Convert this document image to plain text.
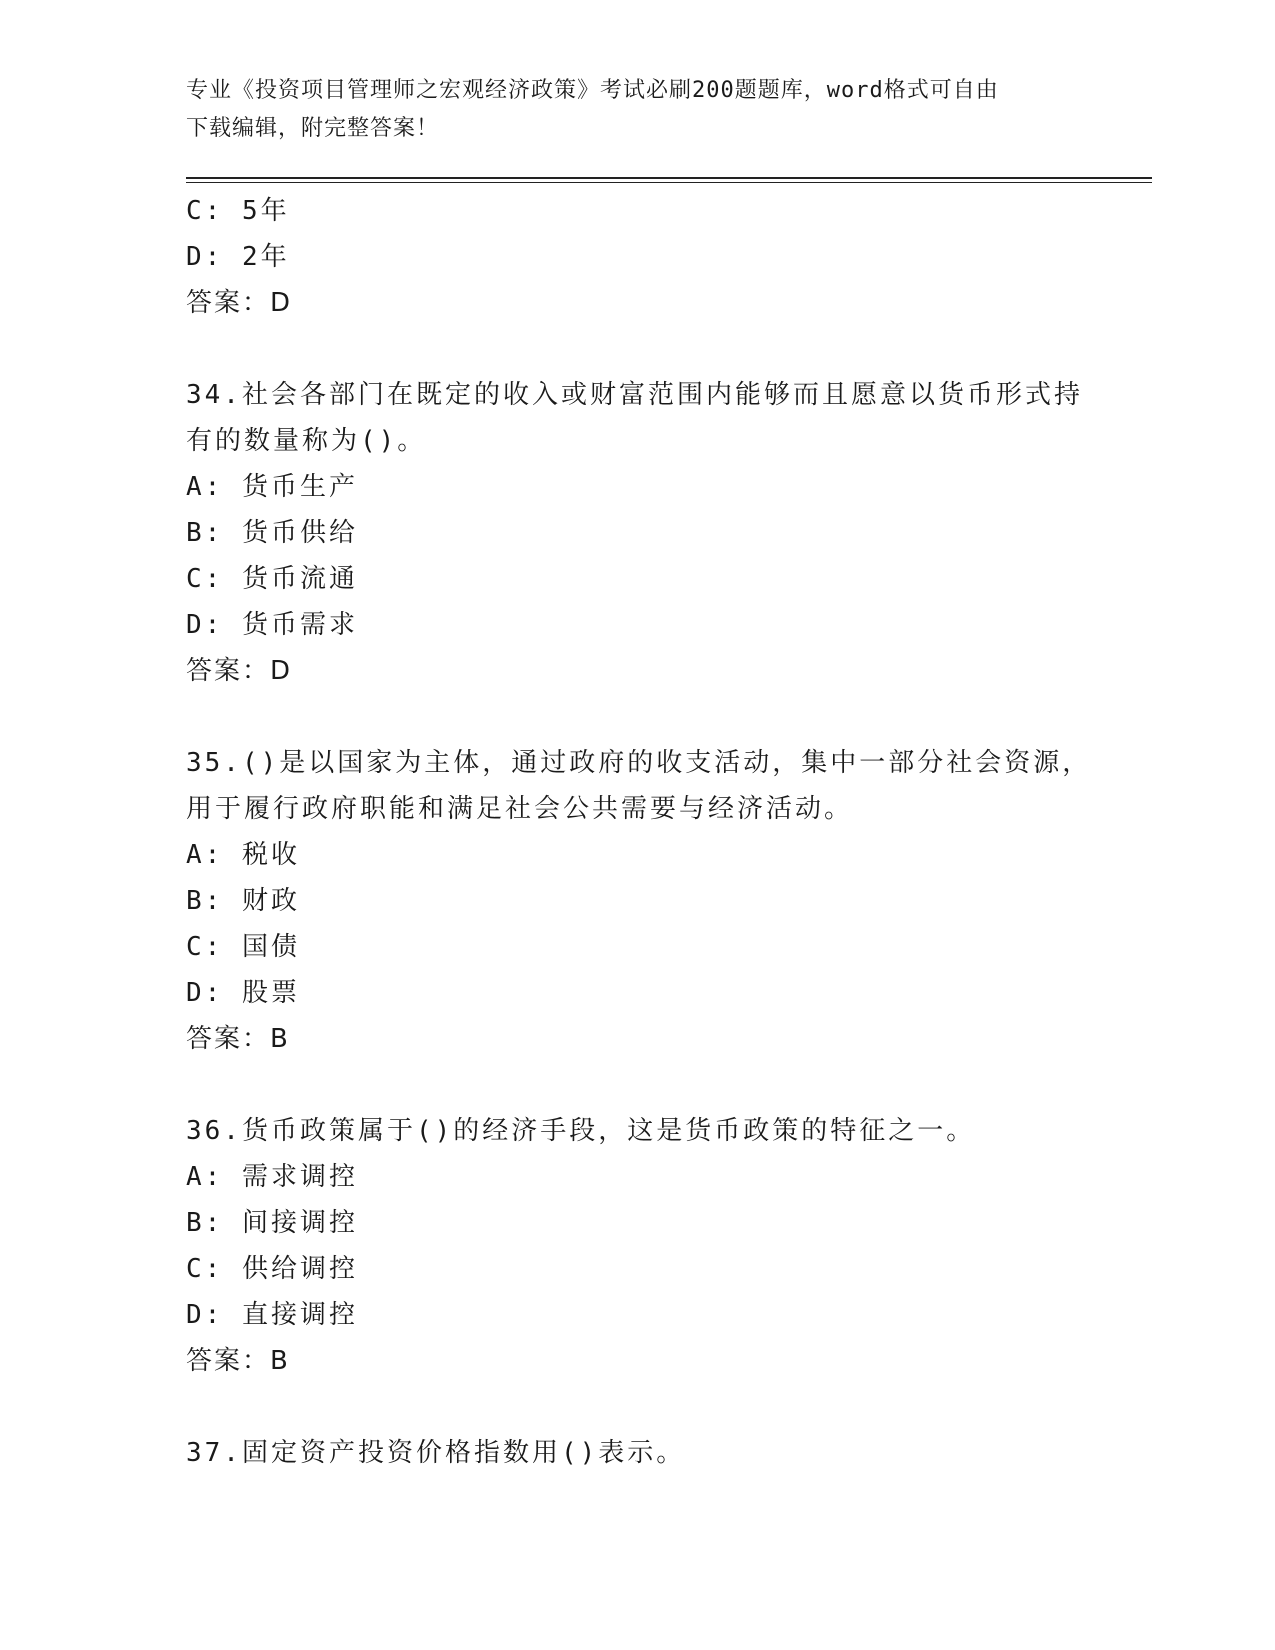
专业《投资项目管理师之宏观经济政策》考试必刷200题题库，word格式可自由
下载编辑，附完整答案！
C: 5年
D: 2年
答案：D
34.社会各部门在既定的收入或财富范围内能够而且愿意以货币形式持
有的数量称为()。
A: 货币生产
B: 货币供给
C: 货币流通
D: 货币需求
答案：D
35.()是以国家为主体，通过政府的收支活动，集中一部分社会资源，
用于履行政府职能和满足社会公共需要与经济活动。
A: 税收
B: 财政
C: 国债
D: 股票
答案：B
36.货币政策属于()的经济手段，这是货币政策的特征之一。
A: 需求调控
B: 间接调控
C: 供给调控
D: 直接调控
答案：B
37.固定资产投资价格指数用()表示。
